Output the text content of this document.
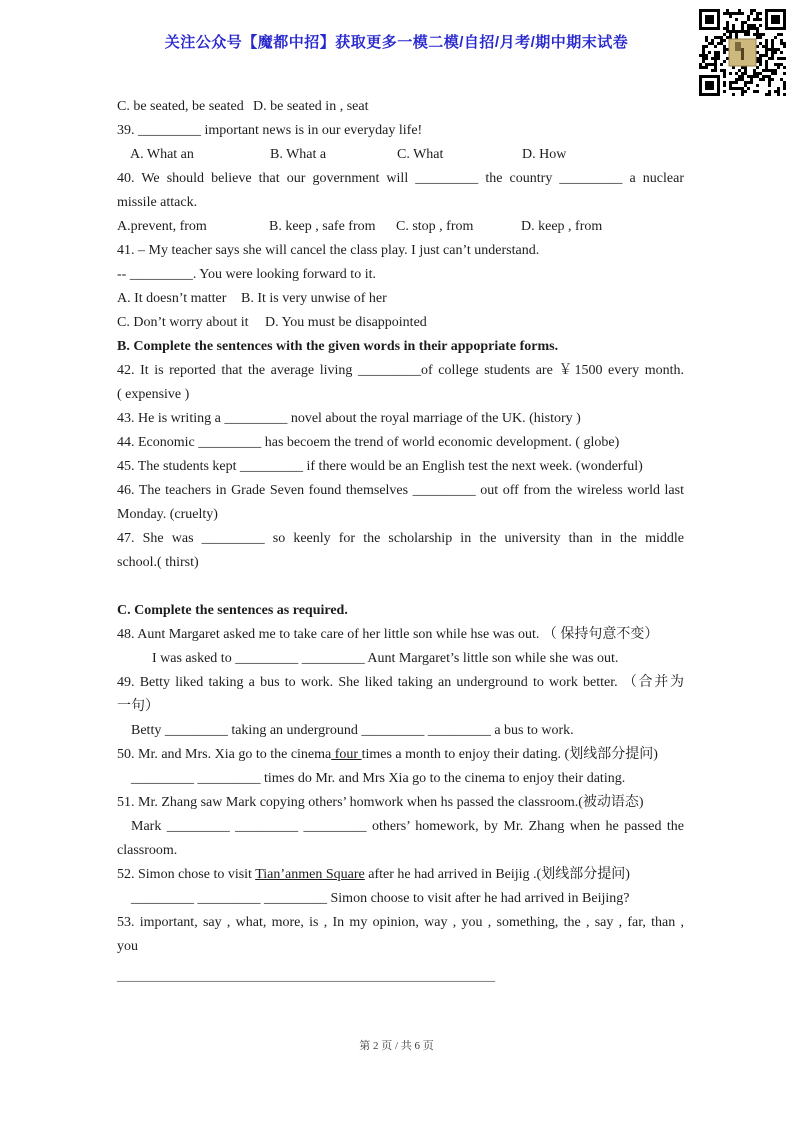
关注公众号【魔都中招】获取更多一模二模/自招/月考/期中期末试卷
C. be seated, be seated D. be seated in , seat
39. _________ important news is in our everyday life!
A. What an	B. What a	C. What	D. How
40. We should believe that our government will _________ the country _________ a nuclear
missile attack.
A.prevent, from	B. keep , safe from	C. stop , from	D. keep , from
41. – My teacher says she will cancel the class play. I just can’t understand.
-- _________. You were looking forward to it.
A. It doesn’t matter	B. It is very unwise of her
C. Don’t worry about it	D. You must be disappointed
B. Complete the sentences with the given words in their appopriate forms.
42. It is reported that the average living _________of college students are ￥1500 every month.
( expensive )
43. He is writing a _________ novel about the royal marriage of the UK. (history )
44. Economic _________ has becoem the trend of world economic development. ( globe)
45. The students kept _________ if there would be an English test the next week. (wonderful)
46. The teachers in Grade Seven found themselves _________ out off from the wireless world last
Monday. (cruelty)
47. She was _________ so keenly for the scholarship in the university than in the middle
school.( thirst)
C. Complete the sentences as required.
48. Aunt Margaret asked me to take care of her little son while hse was out. （ 保持句意不变）
I was asked to _________ _________ Aunt Margaret’s little son while she was out.
49. Betty liked taking a bus to work. She liked taking an underground to work better. （合并为
一句）
Betty _________ taking an underground _________ _________ a bus to work.
50. Mr. and Mrs. Xia go to the cinema four times a month to enjoy their dating. (划线部分提问)
_________ _________ times do Mr. and Mrs Xia go to the cinema to enjoy their dating.
51. Mr. Zhang saw Mark copying others’ homwork when hs passed the classroom.(被动语态)
Mark _________ _________ _________ others’ homework, by Mr. Zhang when he passed the
classroom.
52. Simon chose to visit Tian’anmen Square after he had arrived in Beijig .(划线部分提问)
_________ _________ _________ Simon choose to visit after he had arrived in Beijing?
53. important, say , what, more, is , In my opinion, way , you , something, the , say , far, than ,
you
______________________________________________________
第 2 页 / 共 6 页
